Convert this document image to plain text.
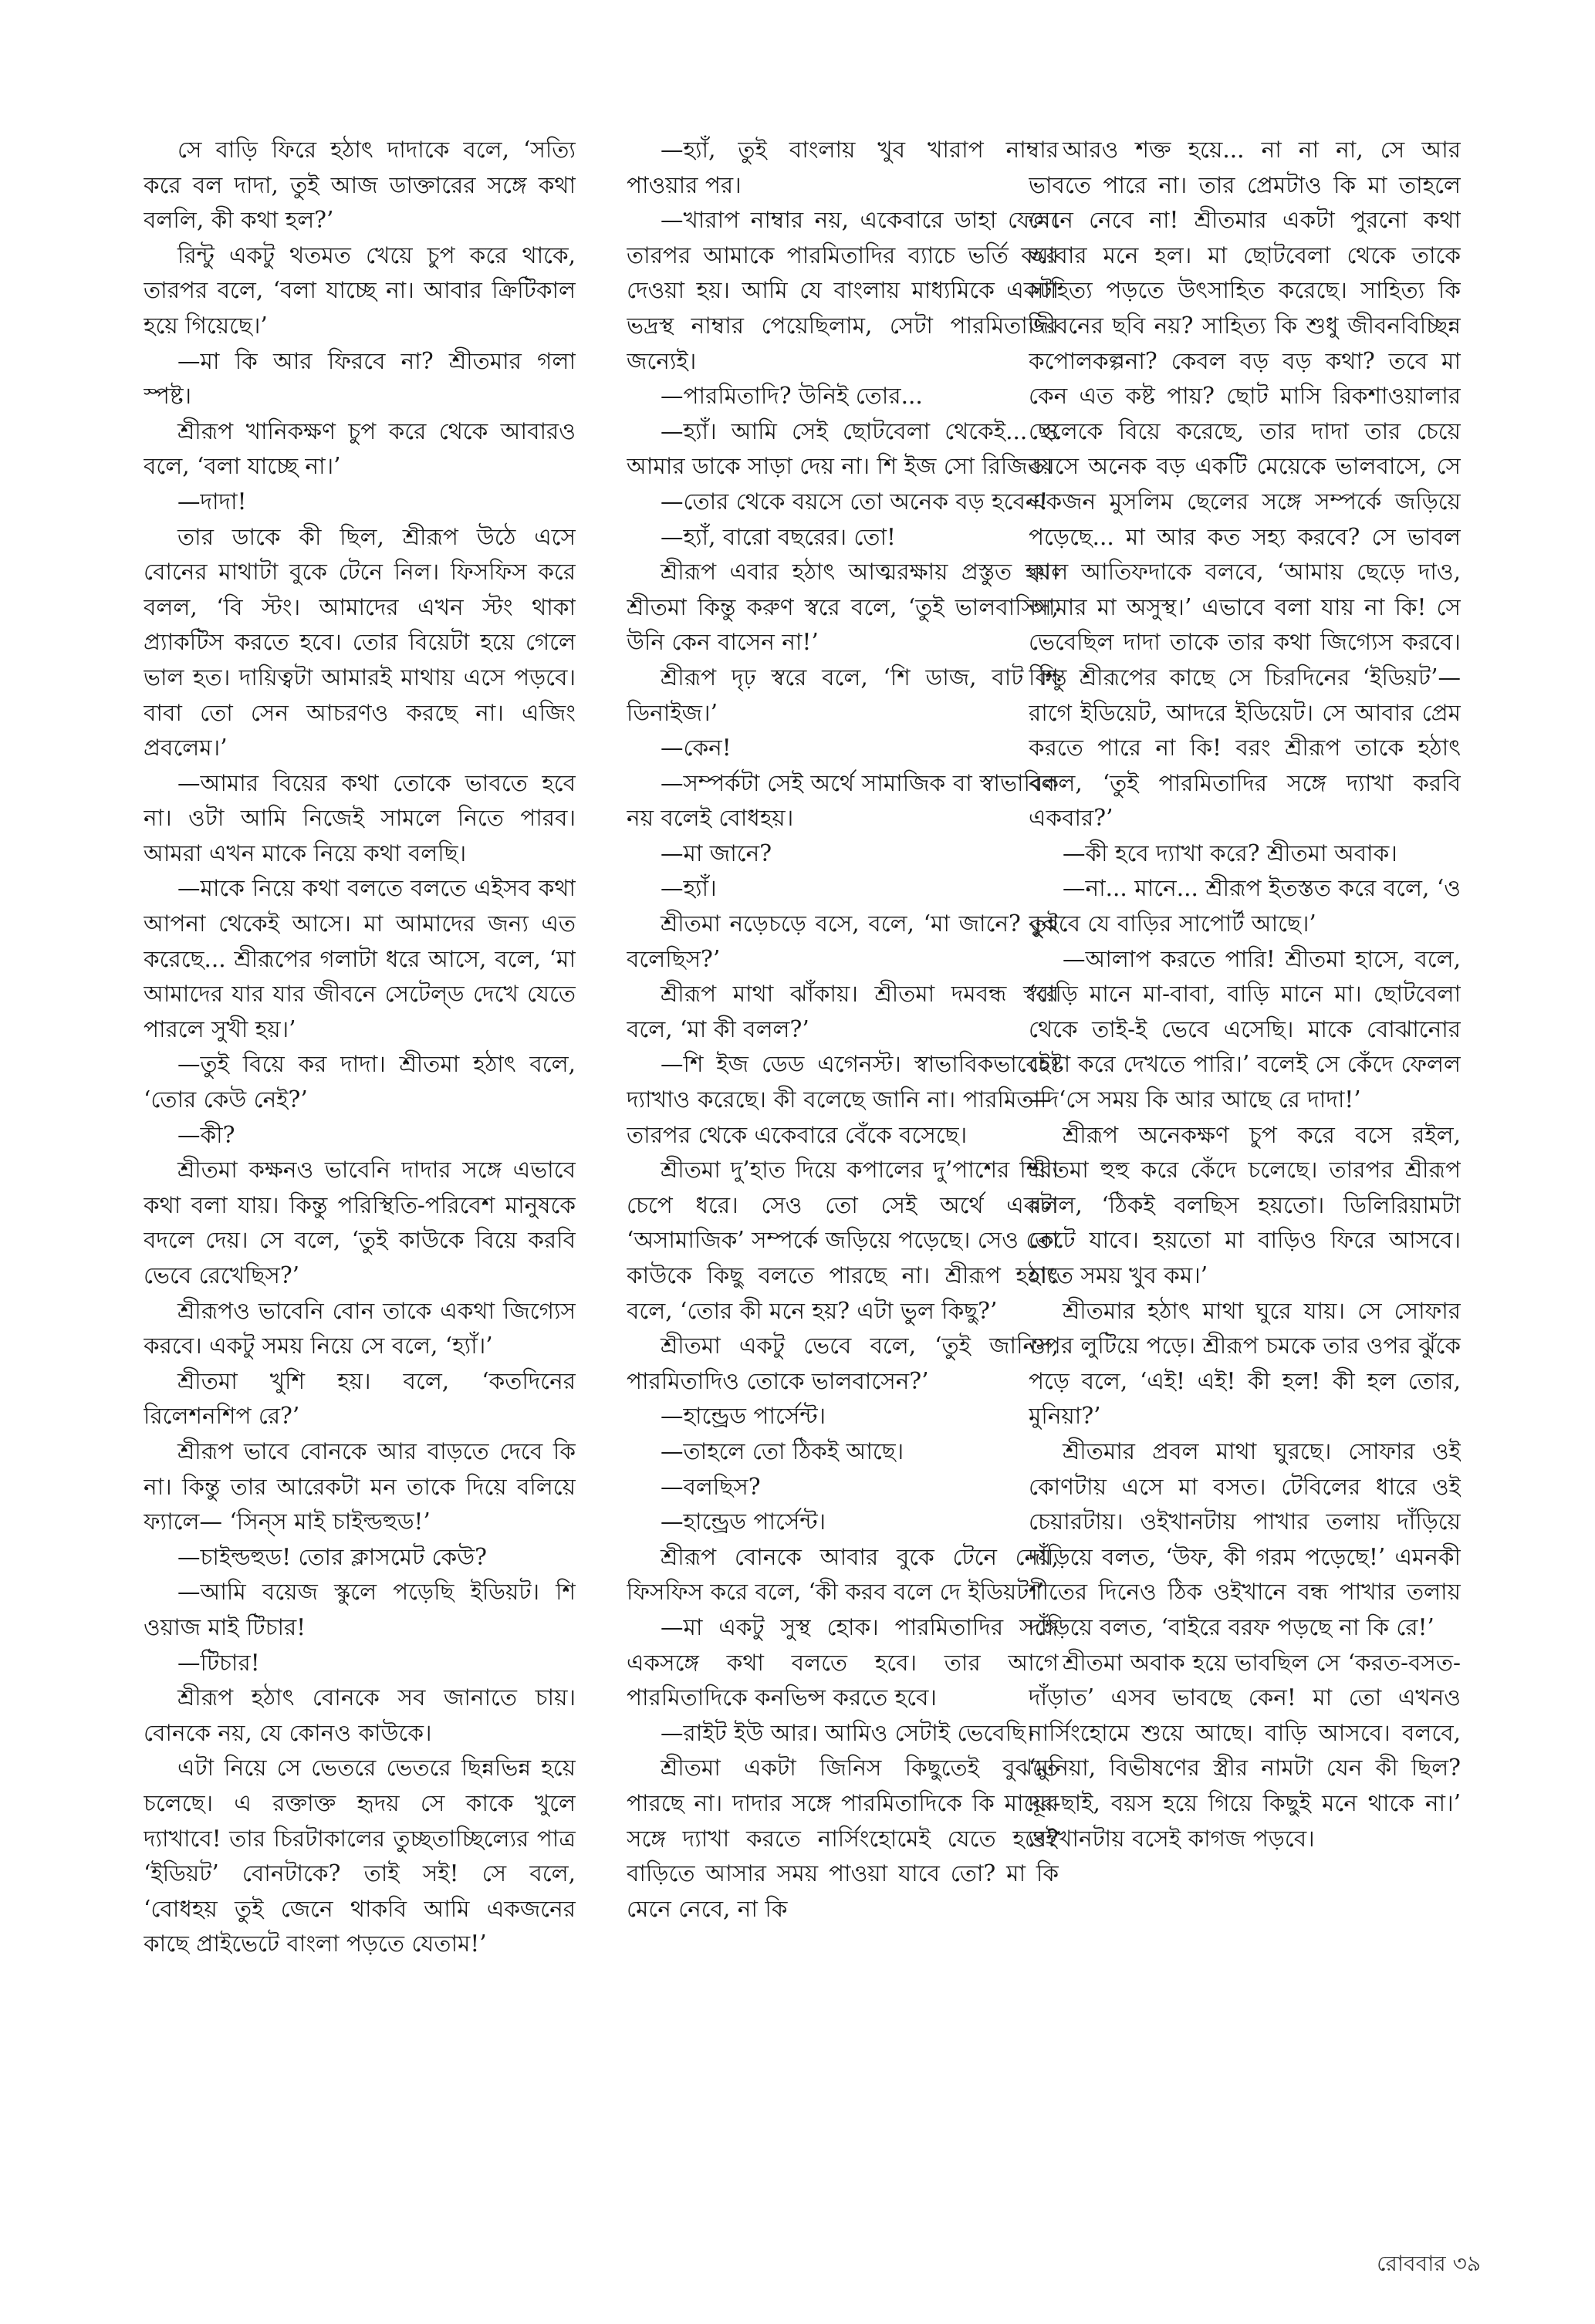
সে বাড়ি ফিরে হঠাৎ দাদাকে বলে, ‘সত্যি করে বল দাদা, তুই আজ ডাক্তারের সঙ্গে কথা বললি, কী কথা হল?’

রিন্টু একটু থতমত খেয়ে চুপ করে থাকে, তারপর বলে, ‘বলা যাচ্ছে না। আবার ক্রিটিকাল হয়ে গিয়েছে।’

—মা কি আর ফিরবে না? শ্রীতমার গলা স্পষ্ট।

শ্রীরূপ খানিকক্ষণ চুপ করে থেকে আবারও বলে, ‘বলা যাচ্ছে না।’

—দাদা!

তার ডাকে কী ছিল, শ্রীরূপ উঠে এসে বোনের মাথাটা বুকে টেনে নিল। ফিসফিস করে বলল, ‘বি স্টং। আমাদের এখন স্টং থাকা প্র্যাকটিস করতে হবে। তোর বিয়েটা হয়ে গেলে ভাল হত। দায়িত্বটা আমারই মাথায় এসে পড়বে। বাবা তো সেন আচরণও করছে না। এজিং প্রবলেম।’

—আমার বিয়ের কথা তোকে ভাবতে হবে না। ওটা আমি নিজেই সামলে নিতে পারব। আমরা এখন মাকে নিয়ে কথা বলছি।

—মাকে নিয়ে কথা বলতে বলতে এইসব কথা আপনা থেকেই আসে। মা আমাদের জন্য এত করেছে... শ্রীরূপের গলাটা ধরে আসে, বলে, ‘মা আমাদের যার যার জীবনে সেটেল্‌ড দেখে যেতে পারলে সুখী হয়।’

—তুই বিয়ে কর দাদা। শ্রীতমা হঠাৎ বলে, ‘তোর কেউ নেই?’

—কী?

শ্রীতমা কক্ষনও ভাবেনি দাদার সঙ্গে এভাবে কথা বলা যায়। কিন্তু পরিস্থিতি-পরিবেশ মানুষকে বদলে দেয়। সে বলে, ‘তুই কাউকে বিয়ে করবি ভেবে রেখেছিস?’

শ্রীরূপও ভাবেনি বোন তাকে একথা জিগ্যেস করবে। একটু সময় নিয়ে সে বলে, ‘হ্যাঁ।’

শ্রীতমা খুশি হয়। বলে, ‘কতদিনের রিলেশনশিপ রে?’

শ্রীরূপ ভাবে বোনকে আর বাড়তে দেবে কি না। কিন্তু তার আরেকটা মন তাকে দিয়ে বলিয়ে ফ্যালে— ‘সিন্‌স মাই চাইল্ডহুড!’

—চাইল্ডহুড! তোর ক্লাসমেট কেউ?

—আমি বয়েজ স্কুলে পড়েছি ইডিয়ট। শি ওয়াজ মাই টিচার!

—টিচার!

শ্রীরূপ হঠাৎ বোনকে সব জানাতে চায়। বোনকে নয়, যে কোনও কাউকে।

এটা নিয়ে সে ভেতরে ভেতরে ছিন্নভিন্ন হয়ে চলেছে। এ রক্তাক্ত হৃদয় সে কাকে খুলে দ্যাখাবে! তার চিরটাকালের তুচ্ছতাচ্ছিল্যের পাত্র ‘ইডিয়ট’ বোনটাকে? তাই সই! সে বলে, ‘বোধহয় তুই জেনে থাকবি আমি একজনের কাছে প্রাইভেটে বাংলা পড়তে যেতাম!’

—হ্যাঁ, তুই বাংলায় খুব খারাপ নাম্বার পাওয়ার পর।

—খারাপ নাম্বার নয়, একেবারে ডাহা ফেল। তারপর আমাকে পারমিতাদির ব্যাচে ভর্তি করে দেওয়া হয়। আমি যে বাংলায় মাধ্যমিকে একটা ভদ্রস্থ নাম্বার পেয়েছিলাম, সেটা পারমিতাদির জন্যেই।

—পারমিতাদি? উনিই তোর...

—হ্যাঁ। আমি সেই ছোটবেলা থেকেই... ও আমার ডাকে সাড়া দেয় না। শি ইজ সো রিজিড।

—তোর থেকে বয়সে তো অনেক বড় হবেন!

—হ্যাঁ, বারো বছরের। তো!

শ্রীরূপ এবার হঠাৎ আত্মরক্ষায় প্রস্তুত হয়। শ্রীতমা কিন্তু করুণ স্বরে বলে, ‘তুই ভালবাসিস, উনি কেন বাসেন না!’

শ্রীরূপ দৃঢ় স্বরে বলে, ‘শি ডাজ, বাট শি ডিনাইজ।’

—কেন!

—সম্পর্কটা সেই অর্থে সামাজিক বা স্বাভাবিক নয় বলেই বোধহয়।

—মা জানে?

—হ্যাঁ।

শ্রীতমা নড়েচড়ে বসে, বলে, ‘মা জানে? তুই বলেছিস?’

শ্রীরূপ মাথা ঝাঁকায়। শ্রীতমা দমবন্ধ স্বরে বলে, ‘মা কী বলল?’

—শি ইজ ডেড এগেনস্ট। স্বাভাবিকভাবেই। দ্যাখাও করেছে। কী বলেছে জানি না। পারমিতাদি তারপর থেকে একেবারে বেঁকে বসেছে।

শ্রীতমা দু’হাত দিয়ে কপালের দু’পাশের শিরা চেপে ধরে। সেও তো সেই অর্থে একটা ‘অসামাজিক’ সম্পর্কে জড়িয়ে পড়েছে। সেও তো কাউকে কিছু বলতে পারছে না। শ্রীরূপ হঠাৎ বলে, ‘তোর কী মনে হয়? এটা ভুল কিছু?’

শ্রীতমা একটু ভেবে বলে, ‘তুই জানিস, পারমিতাদিও তোকে ভালবাসেন?’

—হান্ড্রেড পার্সেন্ট।

—তাহলে তো ঠিকই আছে।

—বলছিস?

—হান্ড্রেড পার্সেন্ট।

শ্রীরূপ বোনকে আবার বুকে টেনে নেয়, ফিসফিস করে বলে, ‘কী করব বলে দে ইডিয়ট।’

—মা একটু সুস্থ হোক। পারমিতাদির সঙ্গে একসঙ্গে কথা বলতে হবে। তার আগে পারমিতাদিকে কনভিন্স করতে হবে।

—রাইট ইউ আর। আমিও সেটাই ভেবেছি।

শ্রীতমা একটা জিনিস কিছুতেই বুঝতে পারছে না। দাদার সঙ্গে পারমিতাদিকে কি মায়ের সঙ্গে দ্যাখা করতে নার্সিংহোমেই যেতে হবে? বাড়িতে আসার সময় পাওয়া যাবে তো? মা কি মেনে নেবে, না কি

আরও শক্ত হয়ে... না না না, সে আর ভাবতে পারে না। তার প্রেমটাও কি মা তাহলে মেনে নেবে না! শ্রীতমার একটা পুরনো কথা আবার মনে হল। মা ছোটবেলা থেকে তাকে সাহিত্য পড়তে উৎসাহিত করেছে। সাহিত্য কি জীবনের ছবি নয়? সাহিত্য কি শুধু জীবনবিচ্ছিন্ন কপোলকল্পনা? কেবল বড় বড় কথা? তবে মা কেন এত কষ্ট পায়? ছোট মাসি রিকশাওয়ালার ছেলেকে বিয়ে করেছে, তার দাদা তার চেয়ে বয়সে অনেক বড় একটি মেয়েকে ভালবাসে, সে একজন মুসলিম ছেলের সঙ্গে সম্পর্কে জড়িয়ে পড়েছে... মা আর কত সহ্য করবে? সে ভাবল কাল আতিফদাকে বলবে, ‘আমায় ছেড়ে দাও, আমার মা অসুস্থ।’ এভাবে বলা যায় না কি! সে ভেবেছিল দাদা তাকে তার কথা জিগ্যেস করবে। কিন্তু শ্রীরূপের কাছে সে চিরদিনের ‘ইডিয়ট’— রাগে ইডিয়েট, আদরে ইডিয়েট। সে আবার প্রেম করতে পারে না কি! বরং শ্রীরূপ তাকে হঠাৎ বলল, ‘তুই পারমিতাদির সঙ্গে দ্যাখা করবি একবার?’

—কী হবে দ্যাখা করে? শ্রীতমা অবাক।

—না... মানে... শ্রীরূপ ইতস্তত করে বলে, ‘ও বুঝবে যে বাড়ির সাপোর্ট আছে।’

—আলাপ করতে পারি! শ্রীতমা হাসে, বলে, ‘বাড়ি মানে মা-বাবা, বাড়ি মানে মা। ছোটবেলা থেকে তাই-ই ভেবে এসেছি। মাকে বোঝানোর চেষ্টা করে দেখতে পারি।’ বলেই সে কেঁদে ফেলল— ‘সে সময় কি আর আছে রে দাদা!’

শ্রীরূপ অনেকক্ষণ চুপ করে বসে রইল, শ্রীতমা হুহু করে কেঁদে চলেছে। তারপর শ্রীরূপ বলল, ‘ঠিকই বলছিস হয়তো। ডিলিরিয়ামটা কেটে যাবে। হয়তো মা বাড়িও ফিরে আসবে। হাতে সময় খুব কম।’

শ্রীতমার হঠাৎ মাথা ঘুরে যায়। সে সোফার ওপর লুটিয়ে পড়ে। শ্রীরূপ চমকে তার ওপর ঝুঁকে পড়ে বলে, ‘এই! এই! কী হল! কী হল তোর, মুনিয়া?’

শ্রীতমার প্রবল মাথা ঘুরছে। সোফার ওই কোণটায় এসে মা বসত। টেবিলের ধারে ওই চেয়ারটায়। ওইখানটায় পাখার তলায় দাঁড়িয়ে দাঁড়িয়ে বলত, ‘উফ, কী গরম পড়েছে!’ এমনকী শীতের দিনেও ঠিক ওইখানে বন্ধ পাখার তলায় দাঁড়িয়ে বলত, ‘বাইরে বরফ পড়ছে না কি রে!’

শ্রীতমা অবাক হয়ে ভাবছিল সে ‘করত-বসত-দাঁড়াত’ এসব ভাবছে কেন! মা তো এখনও নার্সিংহোমে শুয়ে আছে। বাড়ি আসবে। বলবে, ‘মুনিয়া, বিভীষণের স্ত্রীর নামটা যেন কী ছিল? দূর-ছাই, বয়স হয়ে গিয়ে কিছুই মনে থাকে না।’ ওইখানটায় বসেই কাগজ পড়বে।

রোববার ৩৯
